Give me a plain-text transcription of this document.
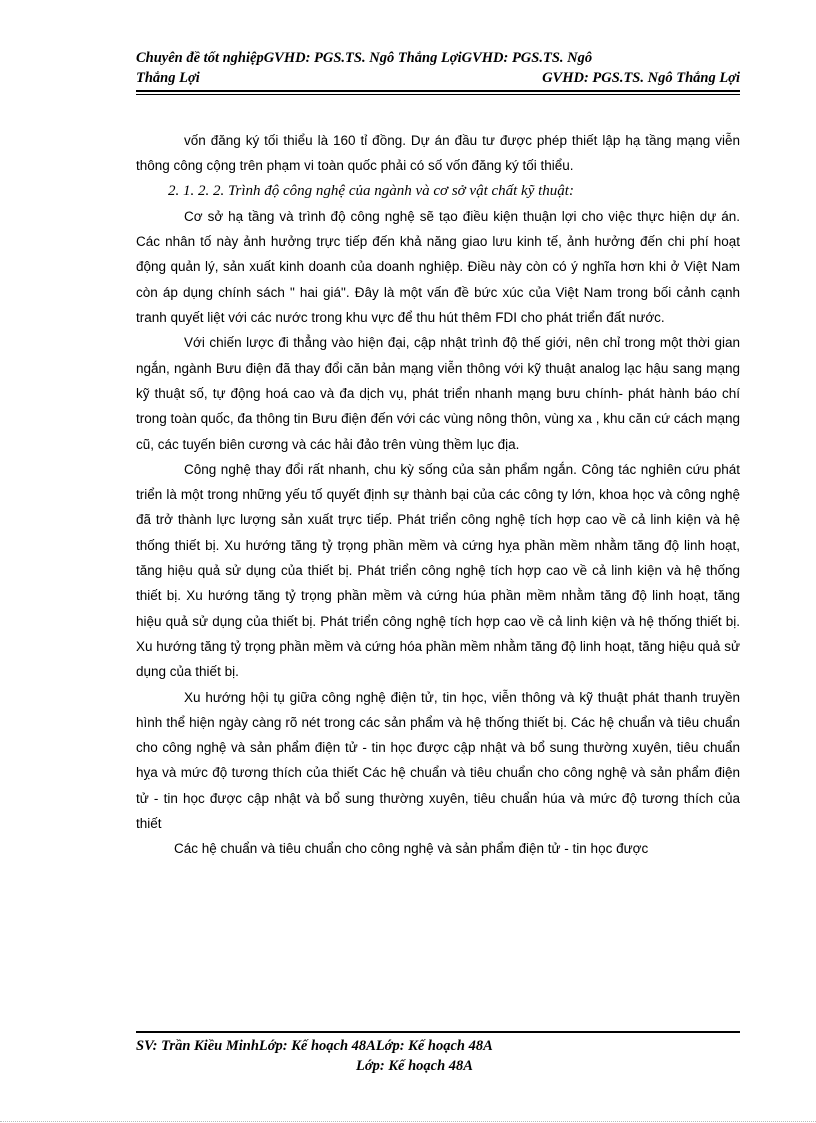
Chuyên đề tốt nghiệpGVHD: PGS.TS. Ngô Thắng LợiGVHD: PGS.TS. Ngô
Thắng Lợi	GVHD: PGS.TS. Ngô Thắng Lợi

vốn đăng ký tối thiểu là 160 tỉ đồng. Dự án đầu tư được phép thiết lập hạ tầng mạng viễn thông công cộng trên phạm vi toàn quốc phải có số vốn đăng ký tối thiểu.

2. 1. 2. 2. Trình độ công nghệ của ngành và cơ sở vật chất kỹ thuật:

Cơ sở hạ tầng và trình độ công nghệ sẽ tạo điều kiện thuận lợi cho việc thực hiện dự án. Các nhân tố này ảnh hưởng trực tiếp đến khả năng giao lưu kinh tế, ảnh hưởng đến chi phí hoạt động quản lý, sản xuất kinh doanh của doanh nghiệp. Điều này còn có ý nghĩa hơn khi ở Việt Nam còn áp dụng chính sách " hai giá". Đây là một vấn đề bức xúc của Việt Nam trong bối cảnh cạnh tranh quyết liệt với các nước trong khu vực để thu hút thêm FDI cho phát triển đất nước.

Với chiến lược đi thẳng vào hiện đại, cập nhật trình độ thế giới, nên chỉ trong một thời gian ngắn, ngành Bưu điện đã thay đổi căn bản mạng viễn thông với kỹ thuật analog lạc hậu sang mạng kỹ thuật số, tự động hoá cao và đa dịch vụ, phát triển nhanh mạng bưu chính- phát hành báo chí trong toàn quốc, đa thông tin Bưu điện đến với các vùng nông thôn, vùng xa , khu căn cứ cách mạng cũ, các tuyến biên cương và các hải đảo trên vùng thềm lục địa.

Công nghệ thay đổi rất nhanh, chu kỳ sống của sản phẩm ngắn. Công tác nghiên cứu phát triển là một trong những yếu tố quyết định sự thành bại của các công ty lớn, khoa học và công nghệ đã trở thành lực lượng sản xuất trực tiếp. Phát triển công nghệ tích hợp cao về cả linh kiện và hệ thống thiết bị. Xu hướng tăng tỷ trọng phần mềm và cứng hỵa phần mềm nhằm tăng độ linh hoạt, tăng hiệu quả sử dụng của thiết bị. Phát triển công nghệ tích hợp cao về cả linh kiện và hệ thống thiết bị. Xu hướng tăng tỷ trọng phần mềm và cứng húa phần mềm nhằm tăng độ linh hoạt, tăng hiệu quả sử dụng của thiết bị. Phát triển công nghệ tích hợp cao về cả linh kiện và hệ thống thiết bị. Xu hướng tăng tỷ trọng phần mềm và cứng hóa phần mềm nhằm tăng độ linh hoạt, tăng hiệu quả sử dụng của thiết bị.

Xu hướng hội tụ giữa công nghệ điện tử, tin học, viễn thông và kỹ thuật phát thanh truyền hình thể hiện ngày càng rõ nét trong các sản phẩm và hệ thống thiết bị. Các hệ chuẩn và tiêu chuẩn cho công nghệ và sản phẩm điện tử - tin học được cập nhật và bổ sung thường xuyên, tiêu chuẩn hỵa và mức độ tương thích của thiết Các hệ chuẩn và tiêu chuẩn cho công nghệ và sản phẩm điện tử - tin học được cập nhật và bổ sung thường xuyên, tiêu chuẩn húa và mức độ tương thích của thiết

Các hệ chuẩn và tiêu chuẩn cho công nghệ và sản phẩm điện tử - tin học được

SV: Trần Kiều MinhLớp: Kế hoạch 48ALớp: Kế hoạch 48A
Lớp: Kế hoạch 48A
